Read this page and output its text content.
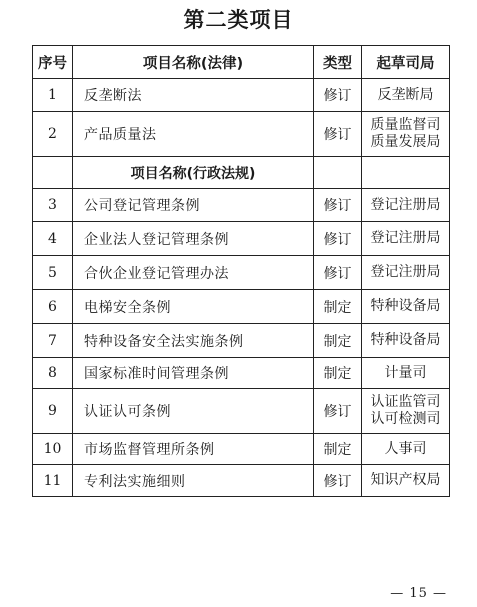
第二类项目
序号	项目名称(法律)	类型	起草司局
1	反垄断法	修订	反垄断局

2	产品质量法	修订	质量监督司
质量发展局

	项目名称(行政法规)		
3	公司登记管理条例	修订	登记注册局

4	企业法人登记管理条例	修订	登记注册局

5	合伙企业登记管理办法	修订	登记注册局

6	电梯安全条例	制定	特种设备局

7	特种设备安全法实施条例	制定	特种设备局

8	国家标准时间管理条例	制定	计量司

9	认证认可条例	修订	认证监管司
认可检测司

10	市场监督管理所条例	制定	人事司

11	专利法实施细则	修订	知识产权局
— 15 —
